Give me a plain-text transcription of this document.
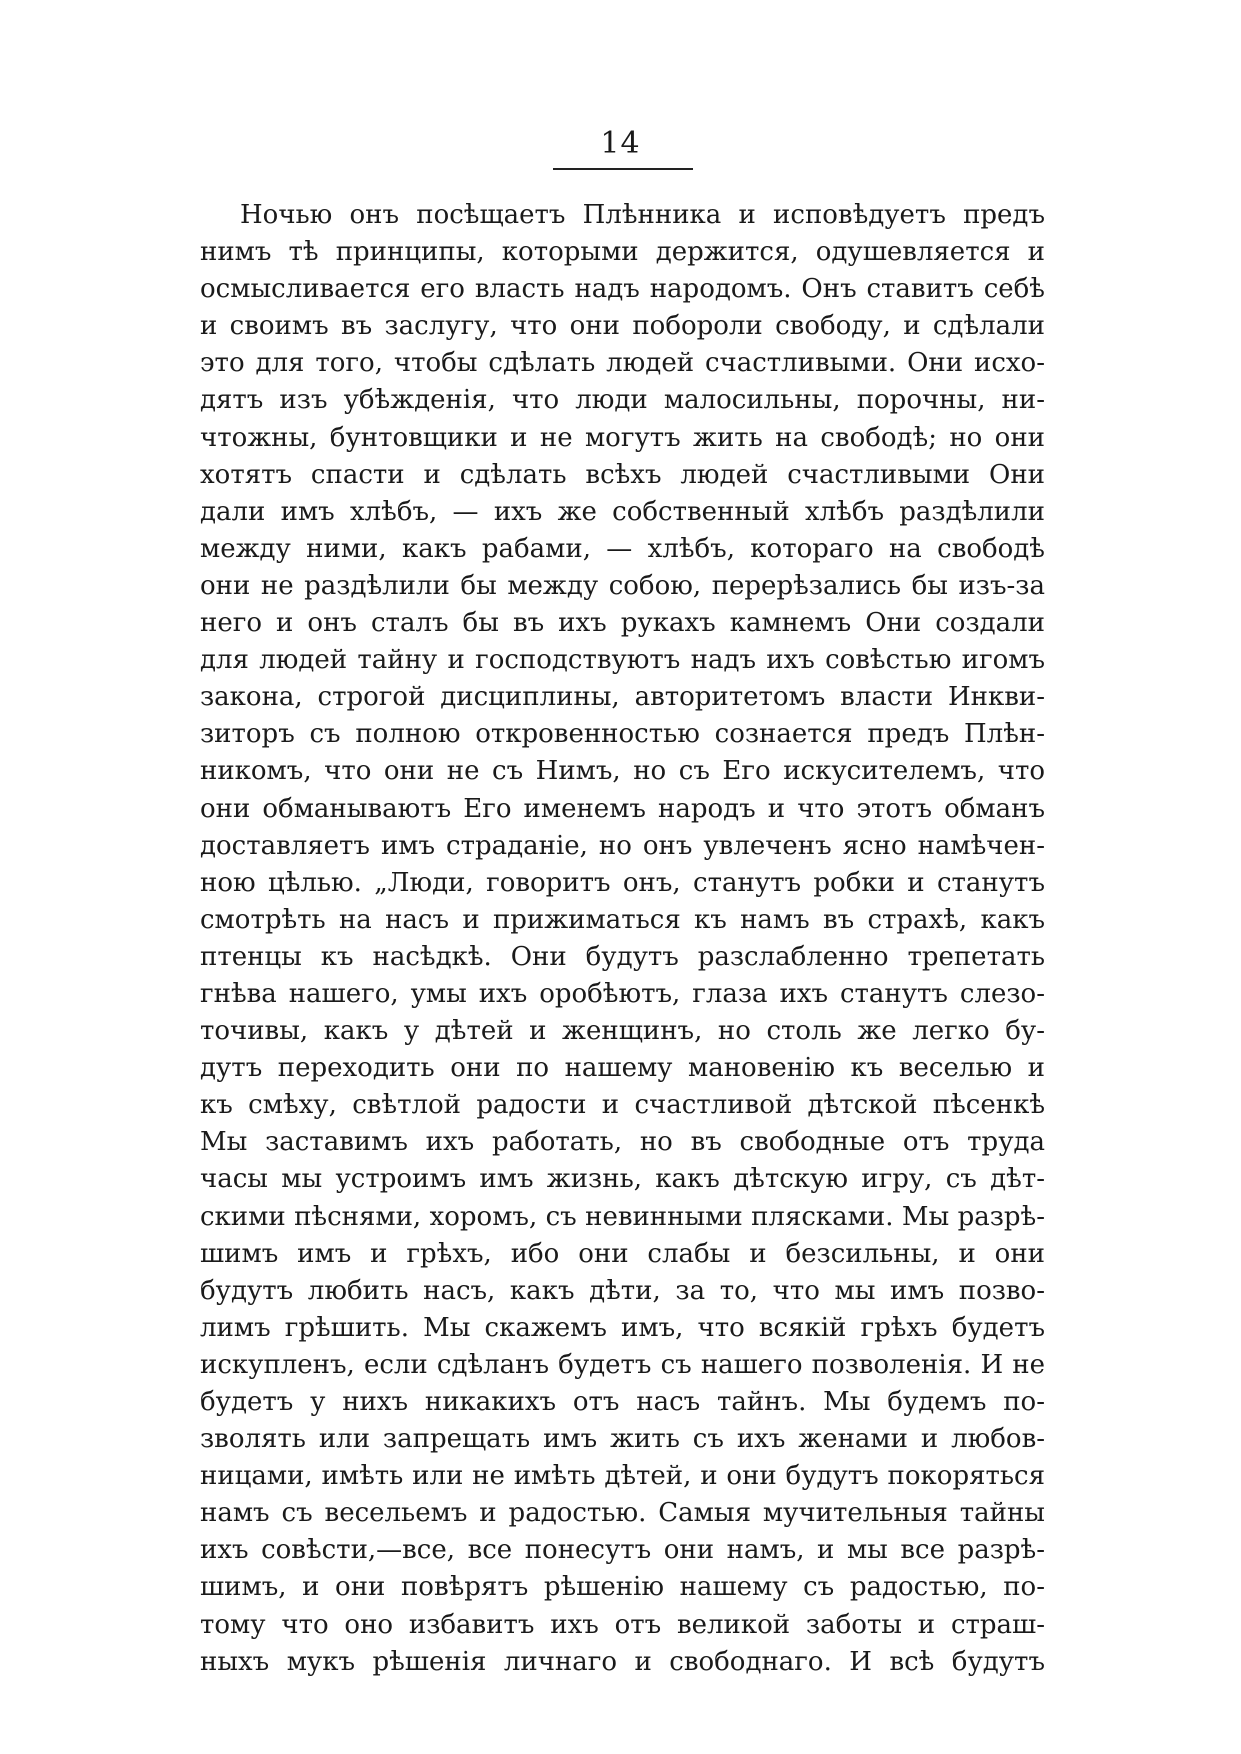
14
Ночью онъ посѣщаетъ Плѣнника и исповѣдуетъ предъ
нимъ тѣ принципы, которыми держится, одушевляется и
осмысливается его власть надъ народомъ. Онъ ставитъ себѣ
и своимъ въ заслугу, что они побороли свободу, и сдѣлали
это для того, чтобы сдѣлать людей счастливыми. Они исхо-
дятъ изъ убѣжденія, что люди малосильны, порочны, ни-
чтожны, бунтовщики и не могутъ жить на свободѣ; но они
хотятъ спасти и сдѣлать всѣхъ людей счастливыми Они
дали имъ хлѣбъ, — ихъ же собственный хлѣбъ раздѣлили
между ними, какъ рабами, — хлѣбъ, котораго на свободѣ
они не раздѣлили бы между собою, перерѣзались бы изъ-за
него и онъ сталъ бы въ ихъ рукахъ камнемъ Они создали
для людей тайну и господствуютъ надъ ихъ совѣстью игомъ
закона, строгой дисциплины, авторитетомъ власти Инкви-
зиторъ съ полною откровенностью сознается предъ Плѣн-
никомъ, что они не съ Нимъ, но съ Его искусителемъ, что
они обманываютъ Его именемъ народъ и что этотъ обманъ
доставляетъ имъ страданіе, но онъ увлеченъ ясно намѣчен-
ною цѣлью. „Люди, говоритъ онъ, станутъ робки и станутъ
смотрѣть на насъ и прижиматься къ намъ въ страхѣ, какъ
птенцы къ насѣдкѣ. Они будутъ разслабленно трепетать
гнѣва нашего, умы ихъ оробѣютъ, глаза ихъ станутъ слезо-
точивы, какъ у дѣтей и женщинъ, но столь же легко бу-
дутъ переходить они по нашему мановенію къ веселью и
къ смѣху, свѣтлой радости и счастливой дѣтской пѣсенкѣ
Мы заставимъ ихъ работать, но въ свободные отъ труда
часы мы устроимъ имъ жизнь, какъ дѣтскую игру, съ дѣт-
скими пѣснями, хоромъ, съ невинными плясками. Мы разрѣ-
шимъ имъ и грѣхъ, ибо они слабы и безсильны, и они
будутъ любить насъ, какъ дѣти, за то, что мы имъ позво-
лимъ грѣшить. Мы скажемъ имъ, что всякій грѣхъ будетъ
искупленъ, если сдѣланъ будетъ съ нашего позволенія. И не
будетъ у нихъ никакихъ отъ насъ тайнъ. Мы будемъ по-
зволять или запрещать имъ жить съ ихъ женами и любов-
ницами, имѣть или не имѣть дѣтей, и они будутъ покоряться
намъ съ весельемъ и радостью. Самыя мучительныя тайны
ихъ совѣсти,—все, все понесутъ они намъ, и мы все разрѣ-
шимъ, и они повѣрятъ рѣшенію нашему съ радостью, по-
тому что оно избавитъ ихъ отъ великой заботы и страш-
ныхъ мукъ рѣшенія личнаго и свободнаго. И всѣ будутъ
